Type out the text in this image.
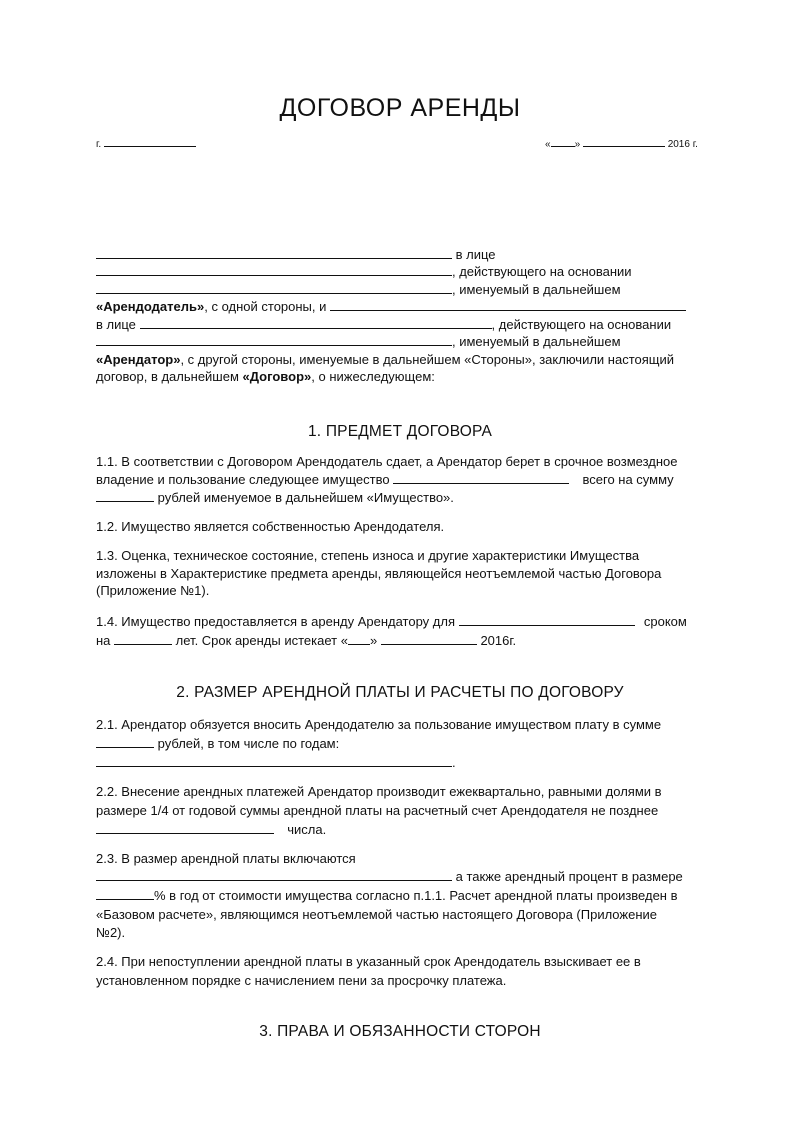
ДОГОВОР АРЕНДЫ
г.	« »	2016 г.
в лице
, действующего на основании
, именуемый в дальнейшем
«Арендодатель», с одной стороны, и
в лице	, действующего на основании
, именуемый в дальнейшем
«Арендатор», с другой стороны, именуемые в дальнейшем «Стороны», заключили настоящий
договор, в дальнейшем «Договор», о нижеследующем:
1. ПРЕДМЕТ ДОГОВОРА
1.1. В соответствии с Договором Арендодатель сдает, а Арендатор берет в срочное возмездное
владение и пользование следующее имущество	всего на сумму
рублей именуемое в дальнейшем «Имущество».
1.2. Имущество является собственностью Арендодателя.
1.3. Оценка, техническое состояние, степень износа и другие характеристики Имущества
изложены в Характеристике предмета аренды, являющейся неотъемлемой частью Договора
(Приложение №1).
1.4. Имущество предоставляется в аренду Арендатору для	сроком
на	лет. Срок аренды истекает « »	2016г.
2. РАЗМЕР АРЕНДНОЙ ПЛАТЫ И РАСЧЕТЫ ПО ДОГОВОРУ
2.1. Арендатор обязуется вносить Арендодателю за пользование имуществом плату в сумме
рублей, в том числе по годам:
.
2.2. Внесение арендных платежей Арендатор производит ежеквартально, равными долями в
размере 1/4 от годовой суммы арендной платы на расчетный счет Арендодателя не позднее
числа.
2.3. В размер арендной платы включаются
а также арендный процент в размере
% в год от стоимости имущества согласно п.1.1. Расчет арендной платы произведен в
«Базовом расчете», являющимся неотъемлемой частью настоящего Договора (Приложение
№2).
2.4. При непоступлении арендной платы в указанный срок Арендодатель взыскивает ее в
установленном порядке с начислением пени за просрочку платежа.
3. ПРАВА И ОБЯЗАННОСТИ СТОРОН
